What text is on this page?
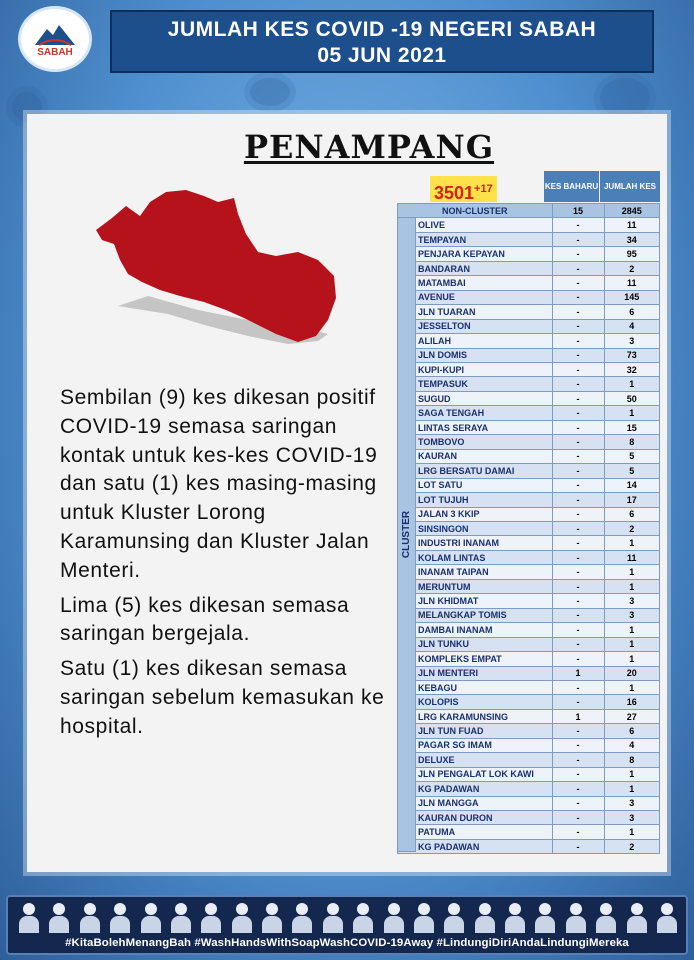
SABAH
JUMLAH KES COVID -19 NEGERI SABAH
05 JUN 2021
PENAMPANG

Sembilan (9) kes dikesan positif COVID-19 semasa saringan kontak untuk kes-kes COVID-19 dan satu (1) kes masing-masing untuk Kluster Lorong Karamunsing dan Kluster Jalan Menteri.

Lima (5) kes dikesan semasa saringan bergejala.

Satu (1) kes dikesan semasa saringan sebelum kemasukan ke hospital.

$3501^{+17}$	KES BAHARU JUMLAH KES
NON-CLUSTER	15	2845
OLIVE	-	11
TEMPAYAN	-	34
PENJARA KEPAYAN	-	95
BANDARAN	-	2
MATAMBAI	-	11
AVENUE	-	145
JLN TUARAN	-	6
JESSELTON	-	4
ALILAH	-	3
JLN DOMIS	-	73
KUPI-KUPI	-	32
TEMPASUK	-	1
SUGUD	-	50
SAGA TENGAH	-	1
LINTAS SERAYA	-	15
TOMBOVO	-	8
KAURAN	-	5
LRG BERSATU DAMAI	-	5
LOT SATU	-	14
LOT TUJUH	-	17
JALAN 3 KKIP	-	6
SINSINGON	-	2
INDUSTRI INANAM	-	1
KOLAM LINTAS	-	11
INANAM TAIPAN	-	1
MERUNTUM	-	1
JLN KHIDMAT	-	3
MELANGKAP TOMIS	-	3
DAMBAI INANAM	-	1
JLN TUNKU	-	1
KOMPLEKS EMPAT	-	1
JLN MENTERI	1	20
KEBAGU	-	1
KOLOPIS	-	16
LRG KARAMUNSING	1	27
JLN TUN FUAD	-	6
PAGAR SG IMAM	-	4
DELUXE	-	8
JLN PENGALAT LOK KAWI	-	1
KG PADAWAN	-	1
JLN MANGGA	-	3
KAURAN DURON	-	3
PATUMA	-	1
KG PADAWAN	-	2
CLUSTER
#KitaBolehMenangBah #WashHandsWithSoapWashCOVID-19Away #LindungiDiriAndaLindungiMereka
